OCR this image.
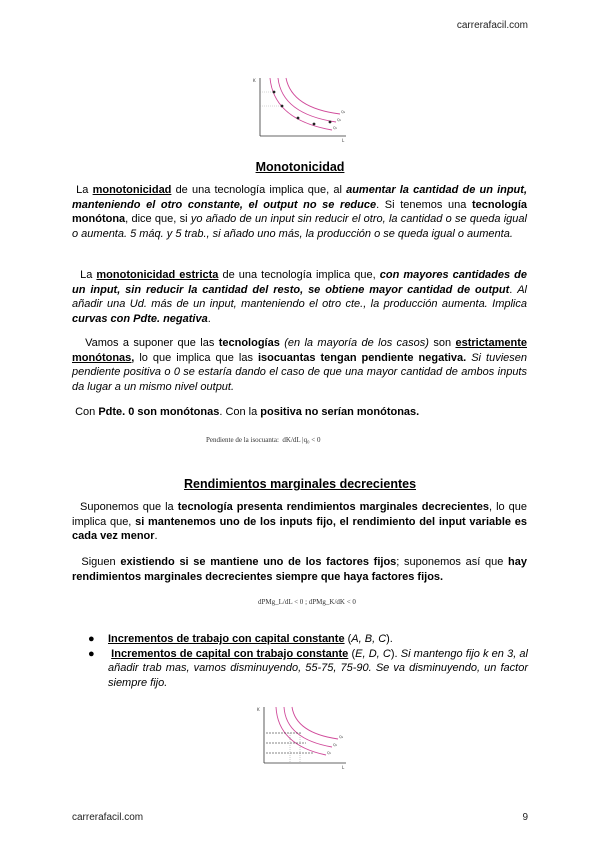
carrerafacil.com
K
L
Q₃
Q₂
Q₁
Monotonicidad
La monotonicidad de una tecnología implica que, al aumentar la cantidad de un input, manteniendo el otro constante, el output no se reduce. Si tenemos una tecnología monótona, dice que, si yo añado de un input sin reducir el otro, la cantidad o se queda igual o aumenta. 5 máq. y 5 trab., si añado uno más, la producción o se queda igual o aumenta.
La monotonicidad estricta de una tecnología implica que, con mayores cantidades de un input, sin reducir la cantidad del resto, se obtiene mayor cantidad de output. Al añadir una Ud. más de un input, manteniendo el otro cte., la producción aumenta. Implica curvas con Pdte. negativa.
Vamos a suponer que las tecnologías (en la mayoría de los casos) son estrictamente monótonas, lo que implica que las isocuantas tengan pendiente negativa. Si tuviesen pendiente positiva o 0 se estaría dando el caso de que una mayor cantidad de ambos inputs da lugar a un mismo nivel output.
Con Pdte. 0 son monótonas. Con la positiva no serían monótonas.
Pendiente de la isocuanta: dK/dL |q₀ < 0
Rendimientos marginales decrecientes
Suponemos que la tecnología presenta rendimientos marginales decrecientes, lo que implica que, si mantenemos uno de los inputs fijo, el rendimiento del input variable es cada vez menor.
Siguen existiendo si se mantiene uno de los factores fijos; suponemos así que hay rendimientos marginales decrecientes siempre que haya factores fijos.
dPMg_L/dL < 0 ; dPMg_K/dK < 0
● Incrementos de trabajo con capital constante (A, B, C).
● Incrementos de capital con trabajo constante (E, D, C). Si mantengo fijo k en 3, al añadir trab mas, vamos disminuyendo, 55-75, 75-90. Se va disminuyendo, un factor siempre fijo.
K
L
Q₃
Q₂
Q₁
carrerafacil.com	9
